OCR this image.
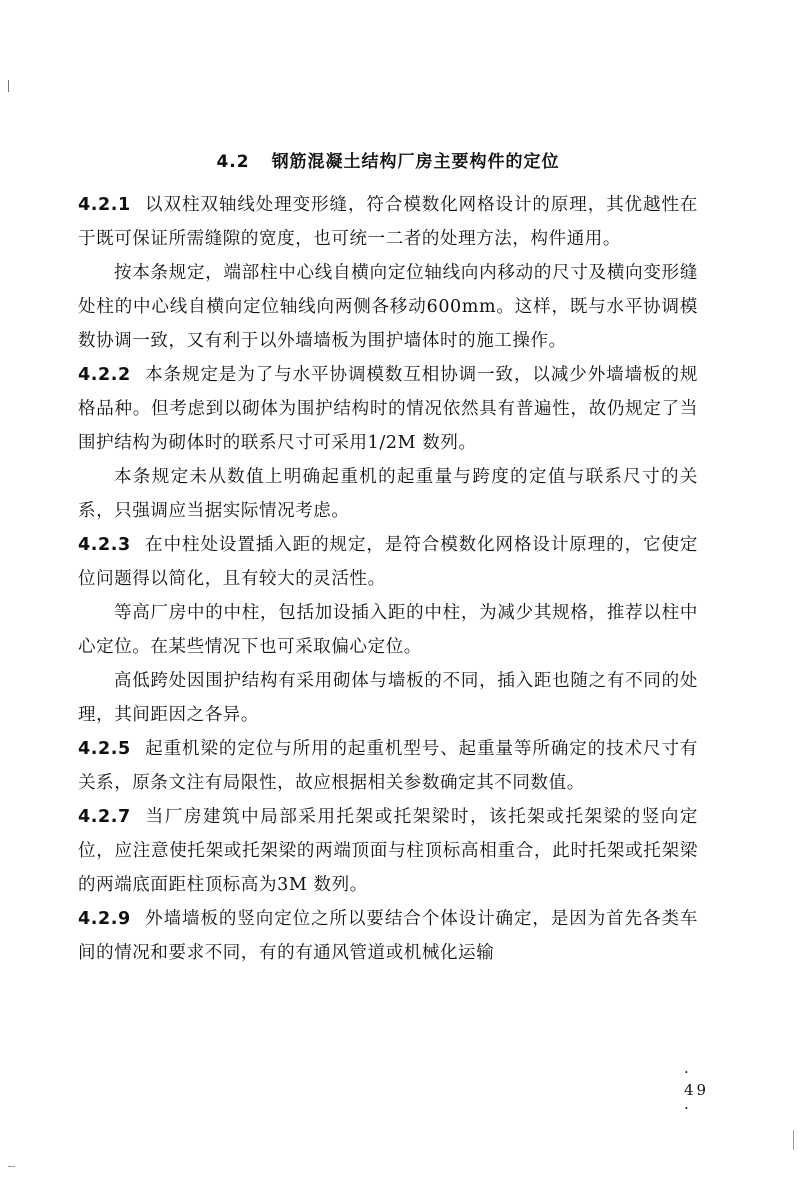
4.2 钢筋混凝土结构厂房主要构件的定位

4.2.1 以双柱双轴线处理变形缝，符合模数化网格设计的原理，其优越性在于既可保证所需缝隙的宽度，也可统一二者的处理方法，构件通用。

按本条规定，端部柱中心线自横向定位轴线向内移动的尺寸及横向变形缝处柱的中心线自横向定位轴线向两侧各移动600mm。这样，既与水平协调模数协调一致，又有利于以外墙墙板为围护墙体时的施工操作。

4.2.2 本条规定是为了与水平协调模数互相协调一致，以减少外墙墙板的规格品种。但考虑到以砌体为围护结构时的情况依然具有普遍性，故仍规定了当围护结构为砌体时的联系尺寸可采用1/2M 数列。

本条规定未从数值上明确起重机的起重量与跨度的定值与联系尺寸的关系，只强调应当据实际情况考虑。

4.2.3 在中柱处设置插入距的规定，是符合模数化网格设计原理的，它使定位问题得以简化，且有较大的灵活性。

等高厂房中的中柱，包括加设插入距的中柱，为减少其规格，推荐以柱中心定位。在某些情况下也可采取偏心定位。

高低跨处因围护结构有采用砌体与墙板的不同，插入距也随之有不同的处理，其间距因之各异。

4.2.5 起重机梁的定位与所用的起重机型号、起重量等所确定的技术尺寸有关系，原条文注有局限性，故应根据相关参数确定其不同数值。

4.2.7 当厂房建筑中局部采用托架或托架梁时，该托架或托架梁的竖向定位，应注意使托架或托架梁的两端顶面与柱顶标高相重合，此时托架或托架梁的两端底面距柱顶标高为3M 数列。

4.2.9 外墙墙板的竖向定位之所以要结合个体设计确定，是因为首先各类车间的情况和要求不同，有的有通风管道或机械化运输

· 49 ·
